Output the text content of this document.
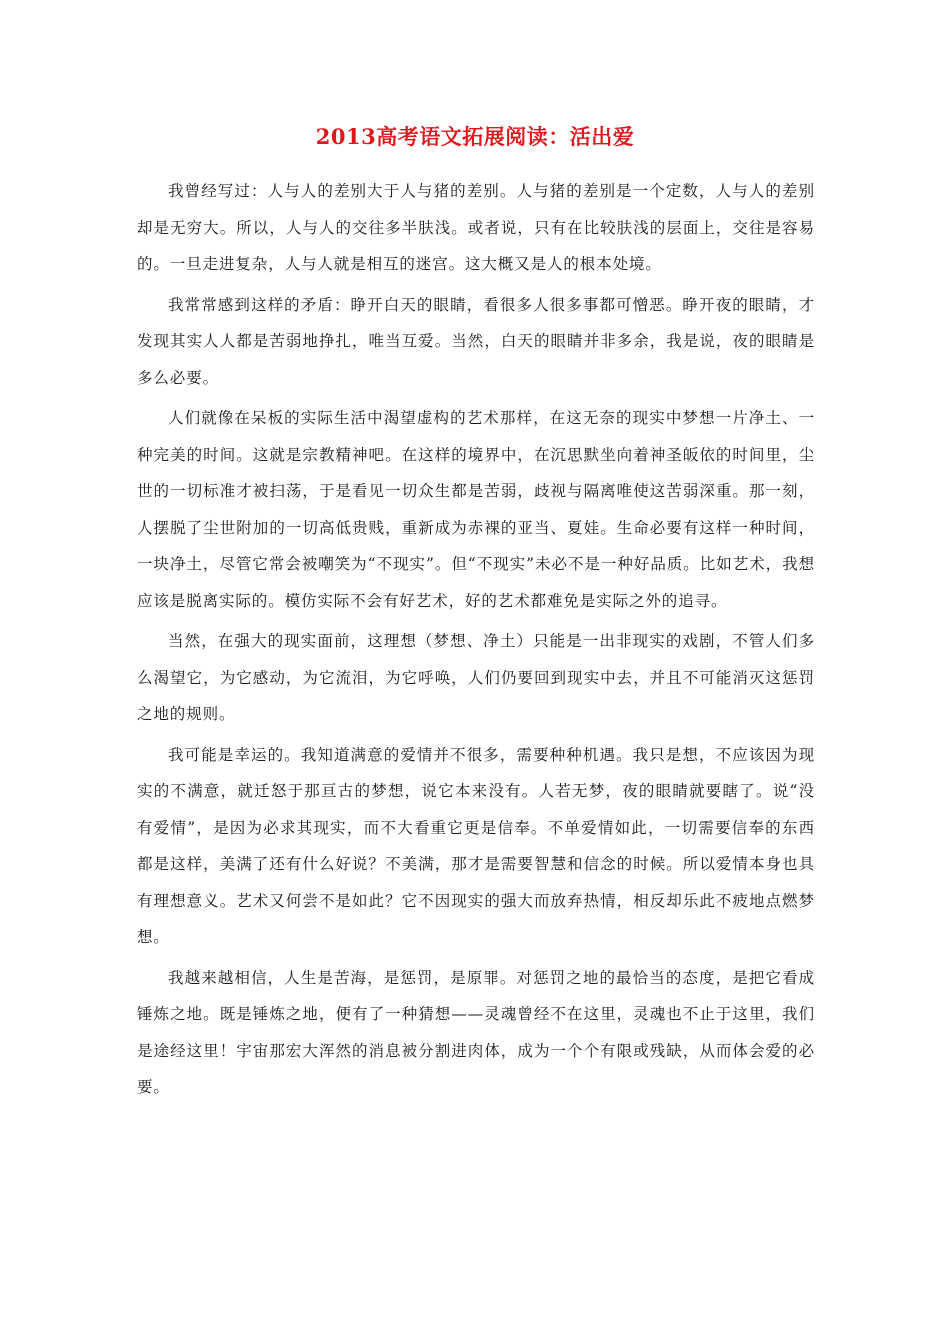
2013高考语文拓展阅读：活出爱

我曾经写过：人与人的差别大于人与猪的差别。人与猪的差别是一个定数，人与人的差别却是无穷大。所以，人与人的交往多半肤浅。或者说，只有在比较肤浅的层面上，交往是容易的。一旦走进复杂，人与人就是相互的迷宫。这大概又是人的根本处境。

我常常感到这样的矛盾：睁开白天的眼睛，看很多人很多事都可憎恶。睁开夜的眼睛，才发现其实人人都是苦弱地挣扎，唯当互爱。当然，白天的眼睛并非多余，我是说，夜的眼睛是多么必要。

人们就像在呆板的实际生活中渴望虚构的艺术那样，在这无奈的现实中梦想一片净土、一种完美的时间。这就是宗教精神吧。在这样的境界中，在沉思默坐向着神圣皈依的时间里，尘世的一切标准才被扫荡，于是看见一切众生都是苦弱，歧视与隔离唯使这苦弱深重。那一刻，人摆脱了尘世附加的一切高低贵贱，重新成为赤裸的亚当、夏娃。生命必要有这样一种时间，一块净土，尽管它常会被嘲笑为“不现实”。但“不现实”未必不是一种好品质。比如艺术，我想应该是脱离实际的。模仿实际不会有好艺术，好的艺术都难免是实际之外的追寻。

当然，在强大的现实面前，这理想（梦想、净土）只能是一出非现实的戏剧，不管人们多么渴望它，为它感动，为它流泪，为它呼唤，人们仍要回到现实中去，并且不可能消灭这惩罚之地的规则。

我可能是幸运的。我知道满意的爱情并不很多，需要种种机遇。我只是想，不应该因为现实的不满意，就迁怒于那亘古的梦想，说它本来没有。人若无梦，夜的眼睛就要瞎了。说“没有爱情”，是因为必求其现实，而不大看重它更是信奉。不单爱情如此，一切需要信奉的东西都是这样，美满了还有什么好说？不美满，那才是需要智慧和信念的时候。所以爱情本身也具有理想意义。艺术又何尝不是如此？它不因现实的强大而放弃热情，相反却乐此不疲地点燃梦想。

我越来越相信，人生是苦海，是惩罚，是原罪。对惩罚之地的最恰当的态度，是把它看成锤炼之地。既是锤炼之地，便有了一种猜想——灵魂曾经不在这里，灵魂也不止于这里，我们是途经这里！宇宙那宏大浑然的消息被分割进肉体，成为一个个有限或残缺，从而体会爱的必要。
